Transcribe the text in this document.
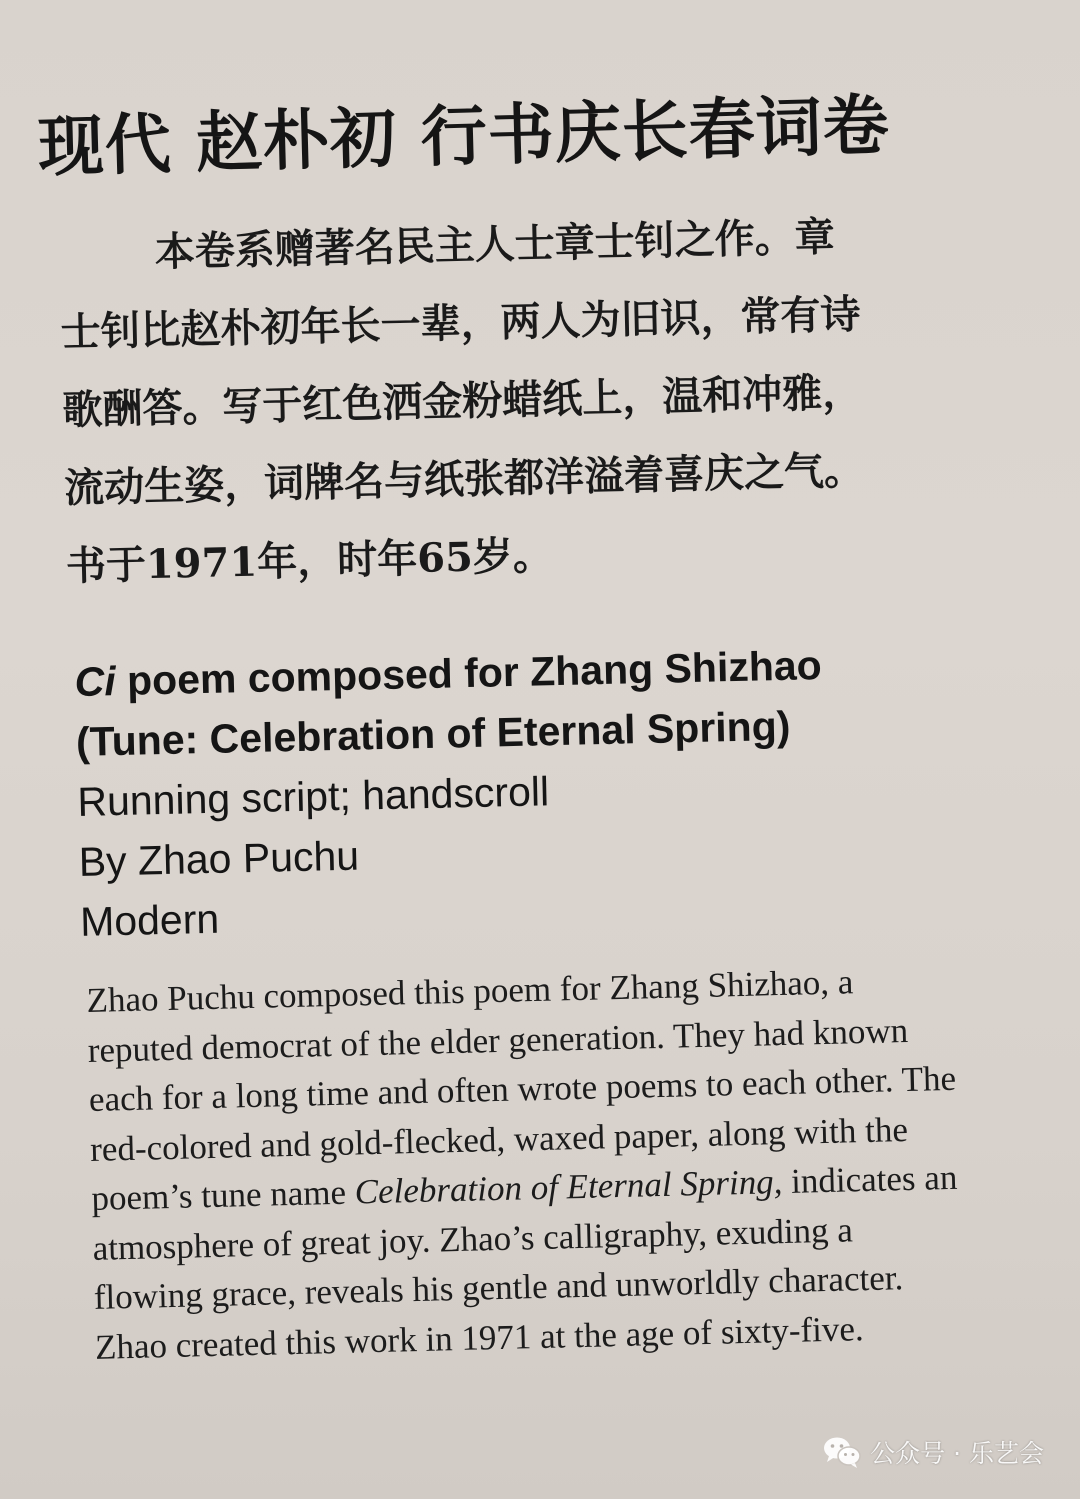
现代 赵朴初 行书庆长春词卷
本卷系赠著名民主人士章士钊之作。章
士钊比赵朴初年长一辈，两人为旧识，常有诗
歌酬答。写于红色洒金粉蜡纸上，温和冲雅，
流动生姿，词牌名与纸张都洋溢着喜庆之气。
书于1971年，时年65岁。
Ci poem composed for Zhang Shizhao
(Tune: Celebration of Eternal Spring)
Running script; handscroll
By Zhao Puchu
Modern
Zhao Puchu composed this poem for Zhang Shizhao, a
reputed democrat of the elder generation. They had known
each for a long time and often wrote poems to each other. The
red-colored and gold-flecked, waxed paper, along with the
poem’s tune name Celebration of Eternal Spring, indicates an
atmosphere of great joy. Zhao’s calligraphy, exuding a
flowing grace, reveals his gentle and unworldly character.
Zhao created this work in 1971 at the age of sixty-five.
公众号 · 乐艺会
